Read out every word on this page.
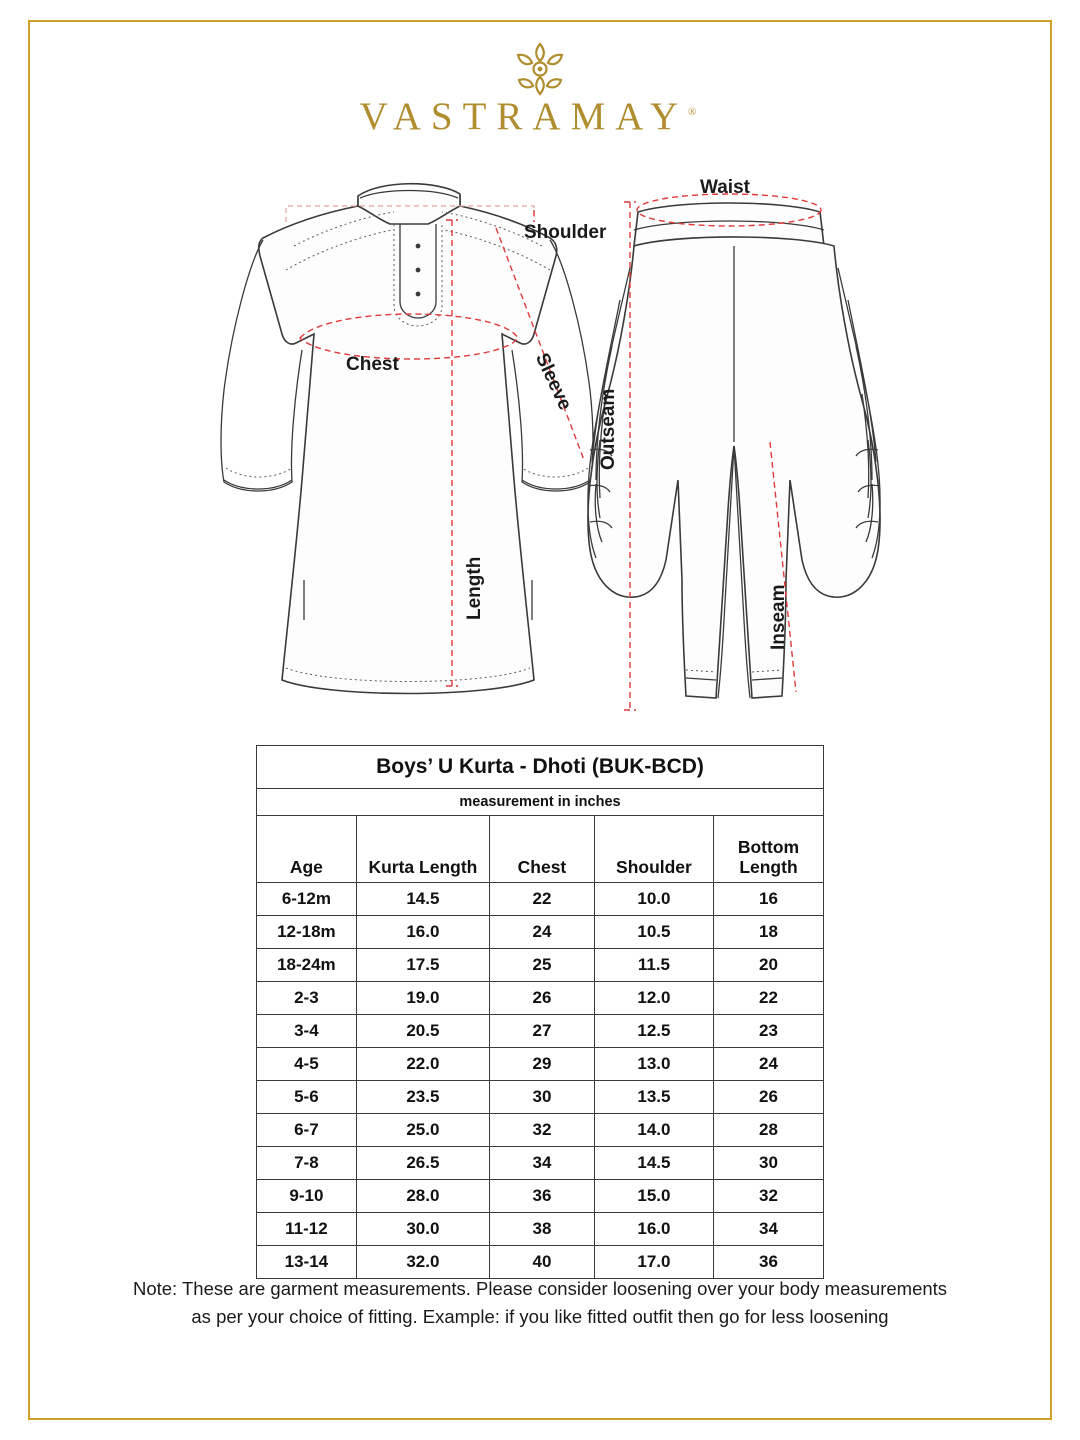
VASTRAMAY®
Shoulder
Chest	Sleeve
Length
Waist
Outseam
Inseam
Boys’ U Kurta - Dhoti (BUK-BCD)				
measurement in inches				
Age	Kurta Length	Chest	Shoulder	Bottom Length
6-12m	14.5	22	10.0	16
12-18m	16.0	24	10.5	18
18-24m	17.5	25	11.5	20
2-3	19.0	26	12.0	22
3-4	20.5	27	12.5	23
4-5	22.0	29	13.0	24
5-6	23.5	30	13.5	26
6-7	25.0	32	14.0	28
7-8	26.5	34	14.5	30
9-10	28.0	36	15.0	32
11-12	30.0	38	16.0	34
13-14	32.0	40	17.0	36
Note: These are garment measurements. Please consider loosening over your body measurements
as per your choice of fitting. Example: if you like fitted outfit then go for less loosening
